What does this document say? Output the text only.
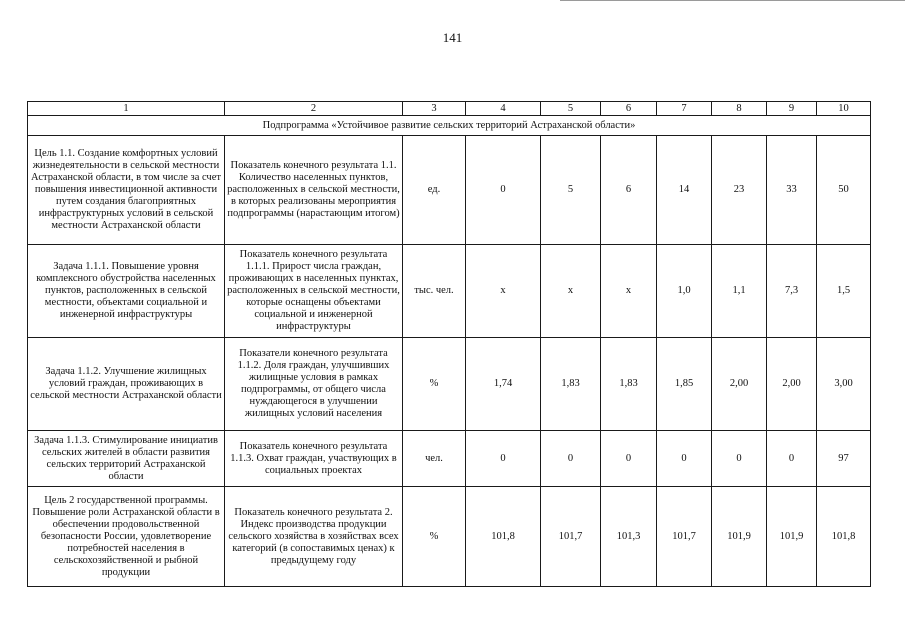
141
1	2	3	4	5	6	7	8	9	10
Подпрограмма «Устойчивое развитие сельских территорий Астраханской области»									
Цель 1.1. Создание комфортных условий жизнедеятельности в сельской местности Астраханской области, в том числе за счет повышения инвестиционной активности путем создания благоприятных инфраструктурных условий в сельской местности Астраханской области	Показатель конечного результата 1.1. Количество населенных пунктов, расположенных в сельской местности, в которых реализованы мероприятия подпрограммы (нарастающим итогом)	ед.	0	5	6	14	23	33	50
Задача 1.1.1. Повышение уровня комплексного обустройства населенных пунктов, расположенных в сельской местности, объектами социальной и инженерной инфраструктуры	Показатель конечного результата 1.1.1. Прирост числа граждан, проживающих в населенных пунктах, расположенных в сельской местности, которые оснащены объектами социальной и инженерной инфраструктуры	тыс. чел.	х	х	х	1,0	1,1	7,3	1,5
Задача 1.1.2. Улучшение жилищных условий граждан, проживающих в сельской местности Астраханской области	Показатели конечного результата 1.1.2. Доля граждан, улучшивших жилищные условия в рамках подпрограммы, от общего числа нуждающегося в улучшении жилищных условий населения	%	1,74	1,83	1,83	1,85	2,00	2,00	3,00
Задача 1.1.3. Стимулирование инициатив сельских жителей в области развития сельских территорий Астраханской области	Показатель конечного результата 1.1.3. Охват граждан, участвующих в социальных проектах	чел.	0	0	0	0	0	0	97
Цель 2 государственной программы. Повышение роли Астраханской области в обеспечении продовольственной безопасности России, удовлетворение потребностей населения в сельскохозяйственной и рыбной продукции	Показатель конечного результата 2. Индекс производства продукции сельского хозяйства в хозяйствах всех категорий (в сопоставимых ценах) к предыдущему году	%	101,8	101,7	101,3	101,7	101,9	101,9	101,8
